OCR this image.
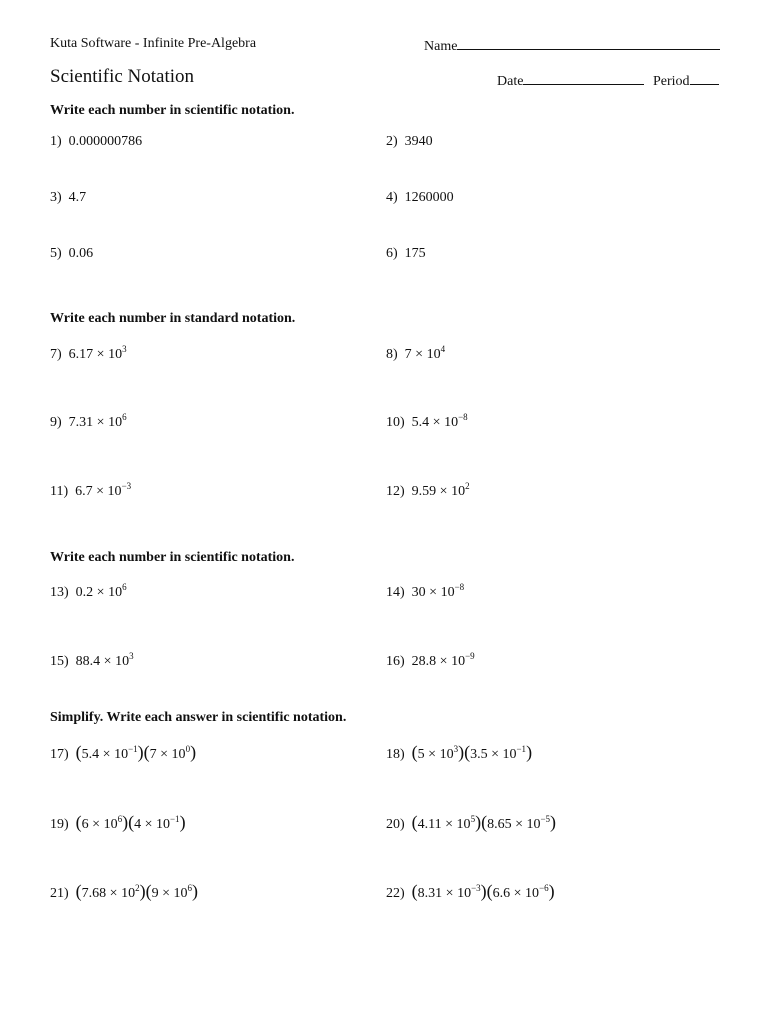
Kuta Software - Infinite Pre-Algebra	Name
Scientific Notation	Date	Period
Write each number in scientific notation.
1) 0.000000786	2) 3940
3) 4.7	4) 1260000
5) 0.06	6) 175
Write each number in standard notation.
7) $6.17 \times 10^3$	8) $7 \times 10^4$
9) $7.31 \times 10^6$	10) $5.4 \times 10^{-8}$
11) $6.7 \times 10^{-3}$	12) $9.59 \times 10^2$
Write each number in scientific notation.
13) $0.2 \times 10^6$	14) $30 \times 10^{-8}$
15) $88.4 \times 10^3$	16) $28.8 \times 10^{-9}$
Simplify. Write each answer in scientific notation.
17) $(5.4 \times 10^{-1})(7 \times 10^0)$	18) $(5 \times 10^3)(3.5 \times 10^{-1})$
19) $(6 \times 10^6)(4 \times 10^{-1})$	20) $(4.11 \times 10^5)(8.65 \times 10^{-5})$
21) $(7.68 \times 10^2)(9 \times 10^6)$	22) $(8.31 \times 10^{-3})(6.6 \times 10^{-6})$
